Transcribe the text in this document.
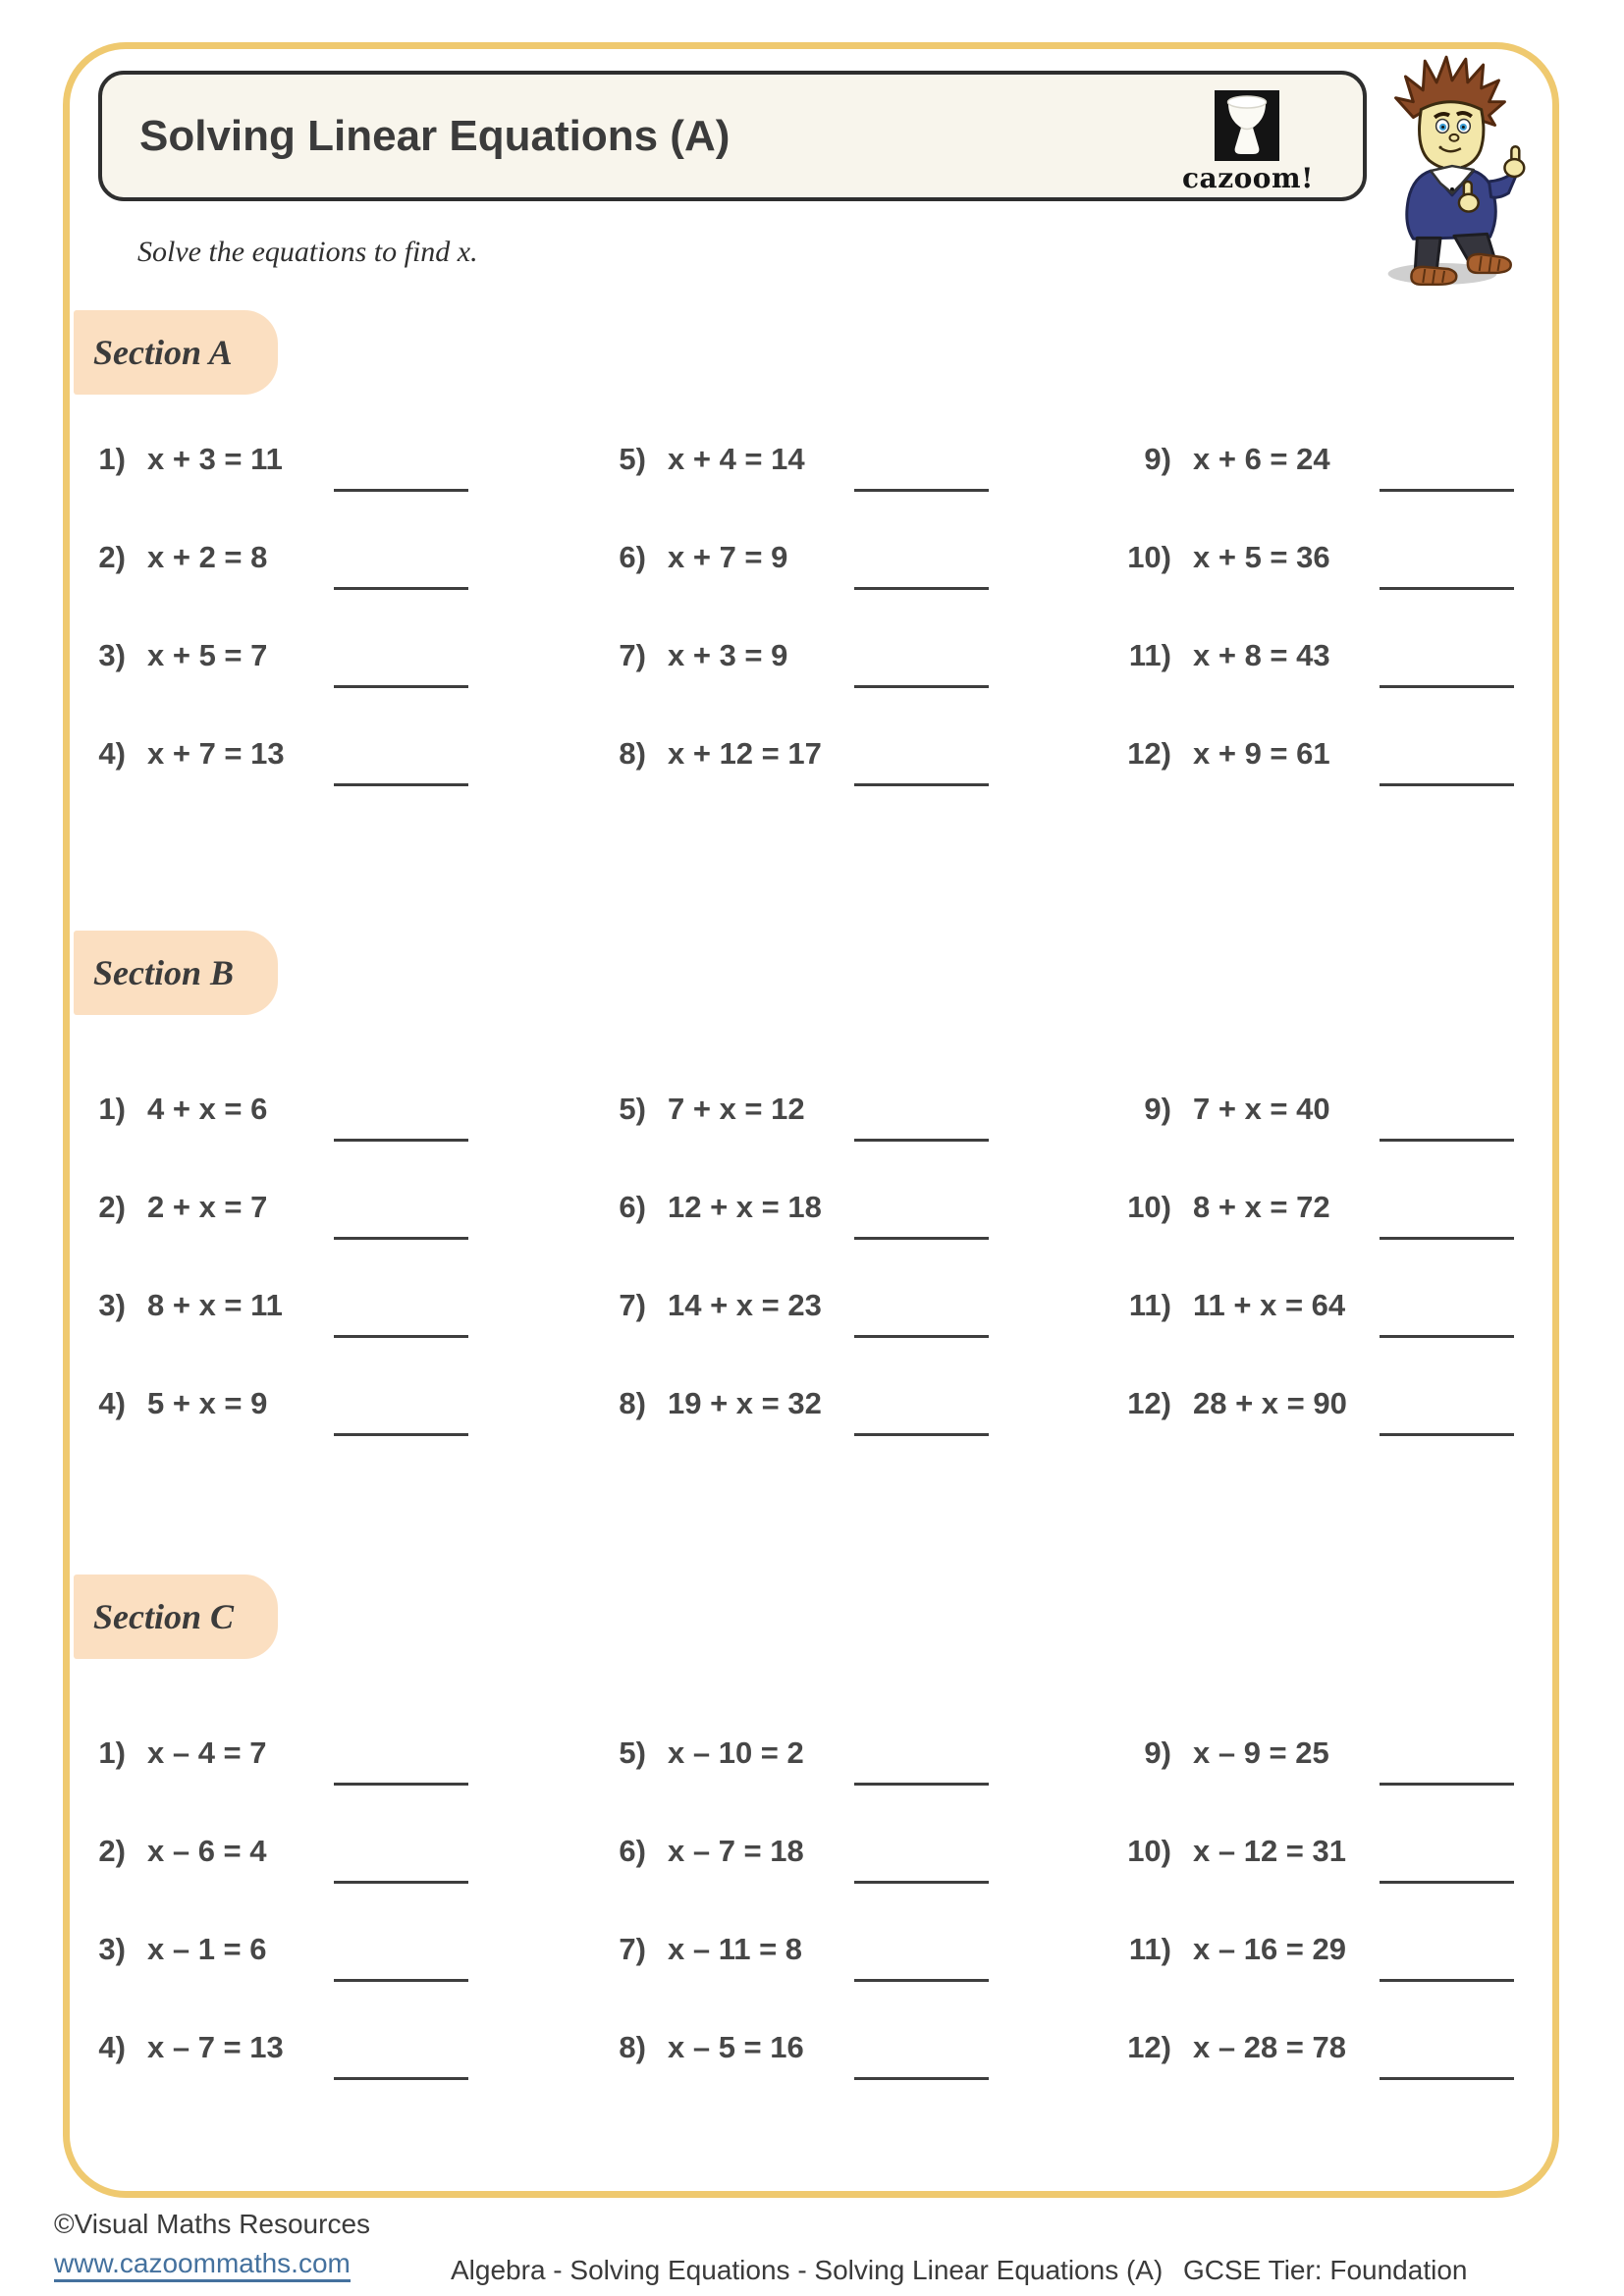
Solving Linear Equations (A)
cazoom!
Solve the equations to find x.
Section A
1) x + 3 = 11
2) x + 2 = 8
3) x + 5 = 7
4) x + 7 = 13
5) x + 4 = 14
6) x + 7 = 9
7) x + 3 = 9
8) x + 12 = 17
9) x + 6 = 24
10) x + 5 = 36
11) x + 8 = 43
12) x + 9 = 61
Section B
1) 4 + x = 6
2) 2 + x = 7
3) 8 + x = 11
4) 5 + x = 9
5) 7 + x = 12
6) 12 + x = 18
7) 14 + x = 23
8) 19 + x = 32
9) 7 + x = 40
10) 8 + x = 72
11) 11 + x = 64
12) 28 + x = 90
Section C
1) x – 4 = 7
2) x – 6 = 4
3) x – 1 = 6
4) x – 7 = 13
5) x – 10 = 2
6) x – 7 = 18
7) x – 11 = 8
8) x – 5 = 16
9) x – 9 = 25
10) x – 12 = 31
11) x – 16 = 29
12) x – 28 = 78
©Visual Maths Resources
www.cazoommaths.com	Algebra - Solving Equations - Solving Linear Equations (A) GCSE Tier: Foundation
